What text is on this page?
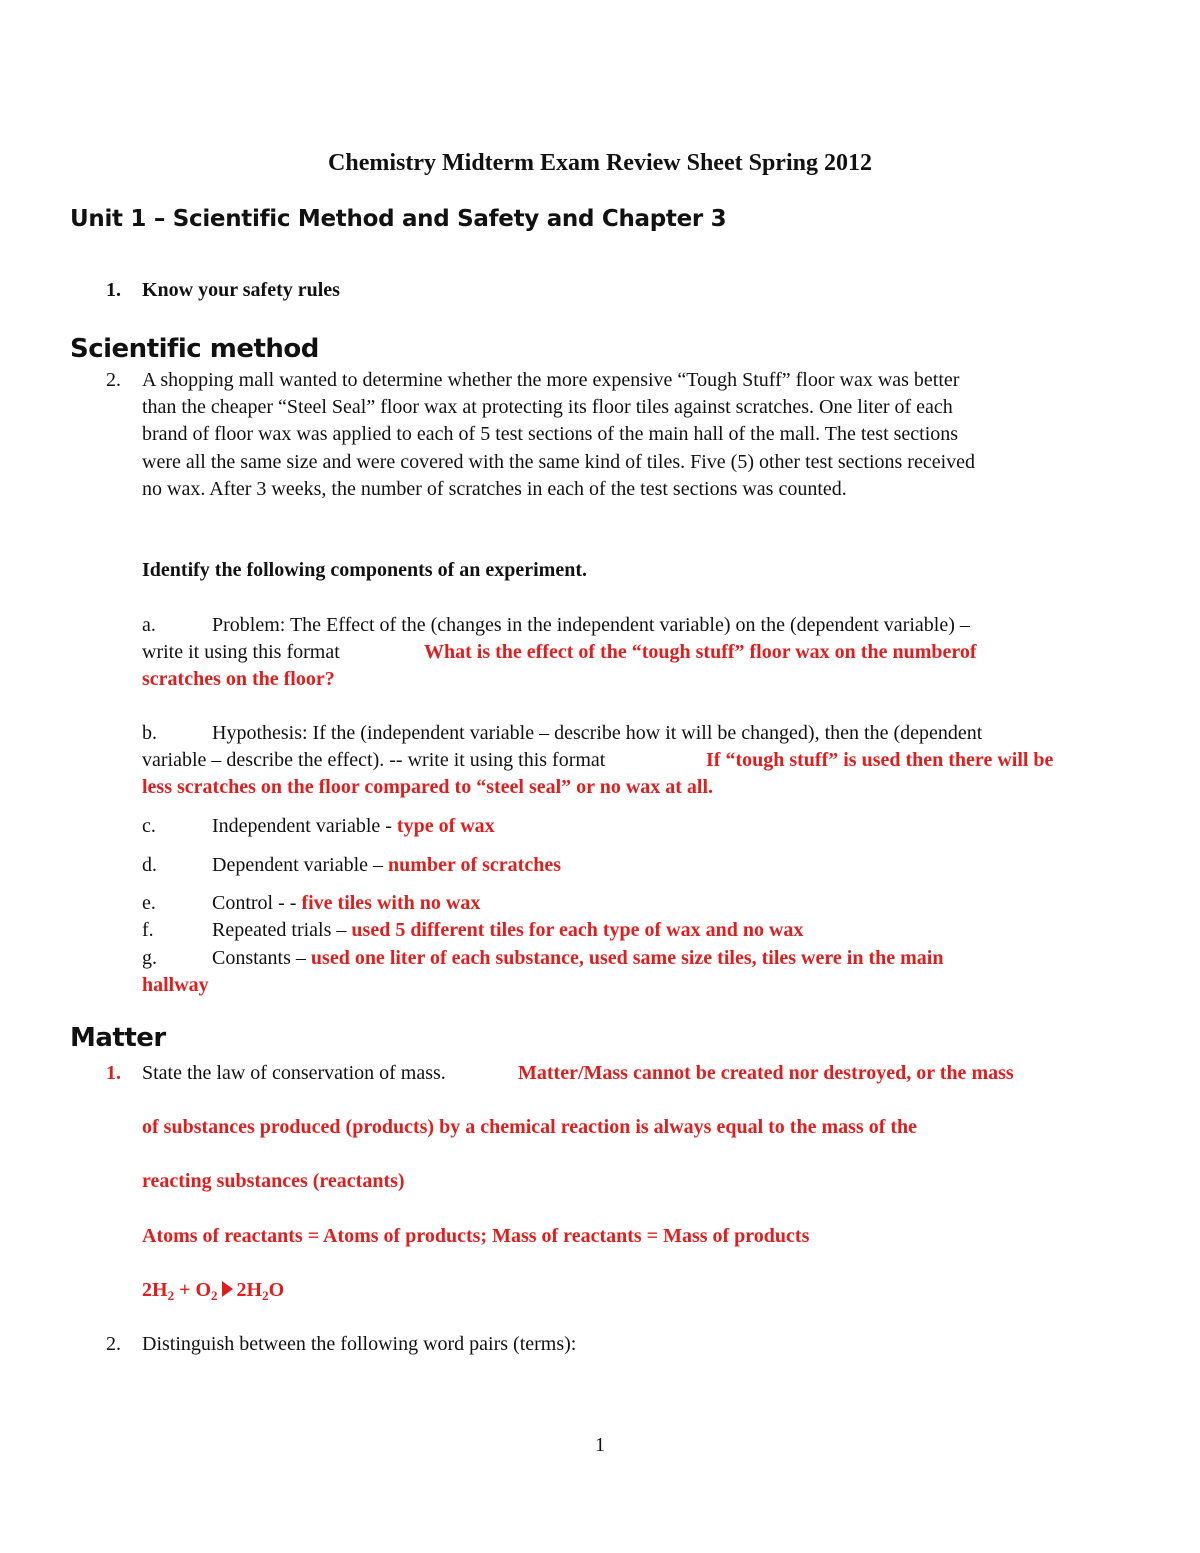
Chemistry Midterm Exam Review Sheet Spring 2012
Unit 1 – Scientific Method and Safety and Chapter 3
1. Know your safety rules
Scientific method
2. A shopping mall wanted to determine whether the more expensive “Tough Stuff” floor wax was better
than the cheaper “Steel Seal” floor wax at protecting its floor tiles against scratches. One liter of each
brand of floor wax was applied to each of 5 test sections of the main hall of the mall. The test sections
were all the same size and were covered with the same kind of tiles. Five (5) other test sections received
no wax. After 3 weeks, the number of scratches in each of the test sections was counted.
Identify the following components of an experiment.
a.	Problem: The Effect of the (changes in the independent variable) on the (dependent variable) –
write it using this format	What is the effect of the “tough stuff” floor wax on the numberof
scratches on the floor?
b.	Hypothesis: If the (independent variable – describe how it will be changed), then the (dependent
variable – describe the effect). -- write it using this format	If “tough stuff” is used then there will be
less scratches on the floor compared to “steel seal” or no wax at all.
c.	Independent variable - type of wax
d.	Dependent variable – number of scratches
e.	Control - - five tiles with no wax
f.	Repeated trials – used 5 different tiles for each type of wax and no wax
g.	Constants – used one liter of each substance, used same size tiles, tiles were in the main
hallway
Matter
1. State the law of conservation of mass.	Matter/Mass cannot be created nor destroyed, or the mass
of substances produced (products) by a chemical reaction is always equal to the mass of the
reacting substances (reactants)
Atoms of reactants = Atoms of products; Mass of reactants = Mass of products
$2H_2 + O_2$ $2H_2O$
2. Distinguish between the following word pairs (terms):
1
